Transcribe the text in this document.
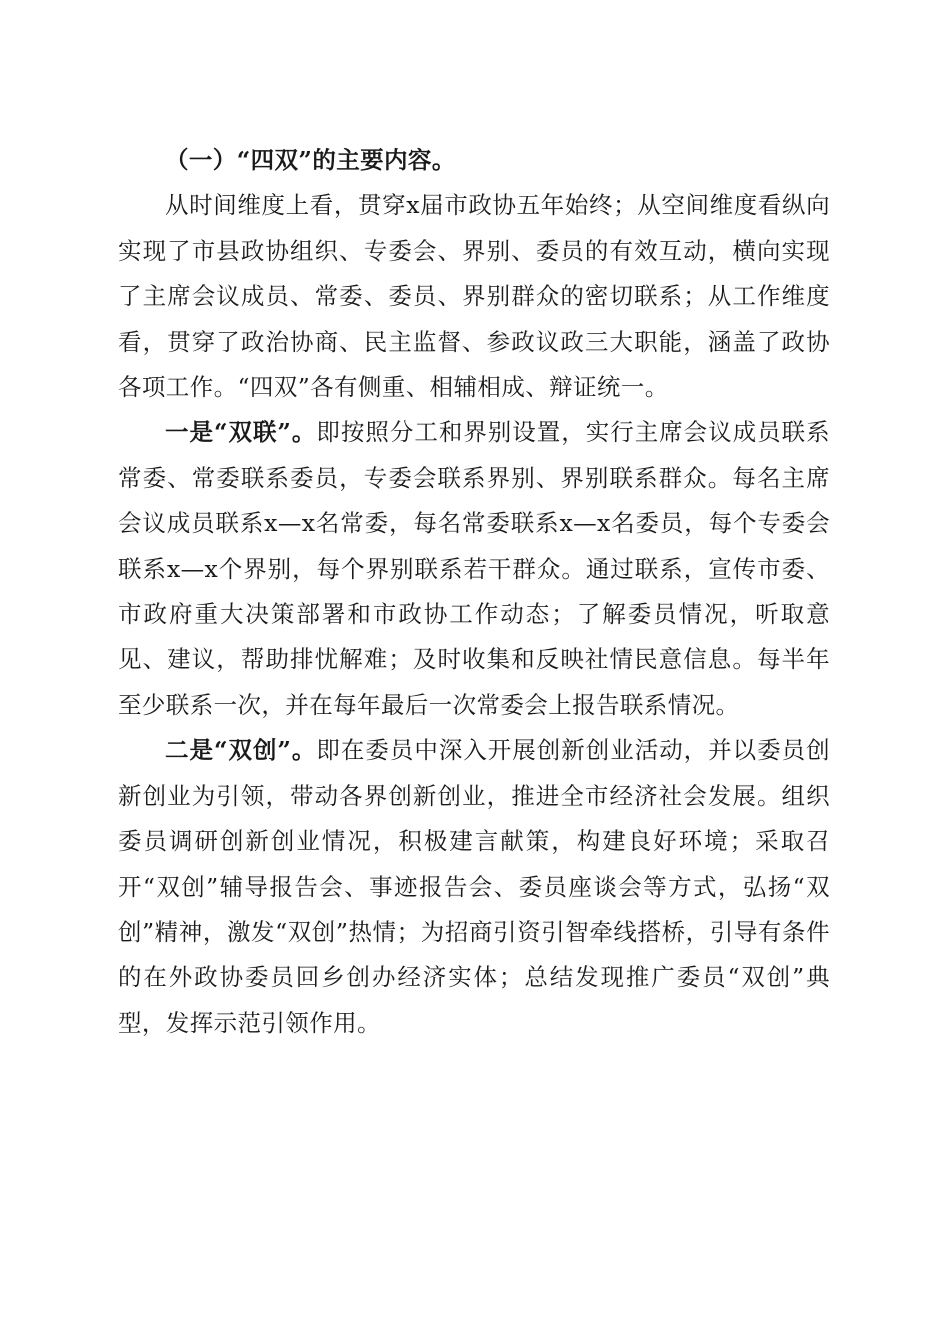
（一）“四双”的主要内容。

从时间维度上看，贯穿x届市政协五年始终；从空间维度看纵向实现了市县政协组织、专委会、界别、委员的有效互动，横向实现了主席会议成员、常委、委员、界别群众的密切联系；从工作维度看，贯穿了政治协商、民主监督、参政议政三大职能，涵盖了政协各项工作。“四双”各有侧重、相辅相成、辩证统一。

一是“双联”。即按照分工和界别设置，实行主席会议成员联系常委、常委联系委员，专委会联系界别、界别联系群众。每名主席会议成员联系x—x名常委，每名常委联系x—x名委员，每个专委会联系x—x个界别，每个界别联系若干群众。通过联系，宣传市委、市政府重大决策部署和市政协工作动态；了解委员情况，听取意见、建议，帮助排忧解难；及时收集和反映社情民意信息。每半年至少联系一次，并在每年最后一次常委会上报告联系情况。

二是“双创”。即在委员中深入开展创新创业活动，并以委员创新创业为引领，带动各界创新创业，推进全市经济社会发展。组织委员调研创新创业情况，积极建言献策，构建良好环境；采取召开“双创”辅导报告会、事迹报告会、委员座谈会等方式，弘扬“双创”精神，激发“双创”热情；为招商引资引智牵线搭桥，引导有条件的在外政协委员回乡创办经济实体；总结发现推广委员“双创”典型，发挥示范引领作用。
